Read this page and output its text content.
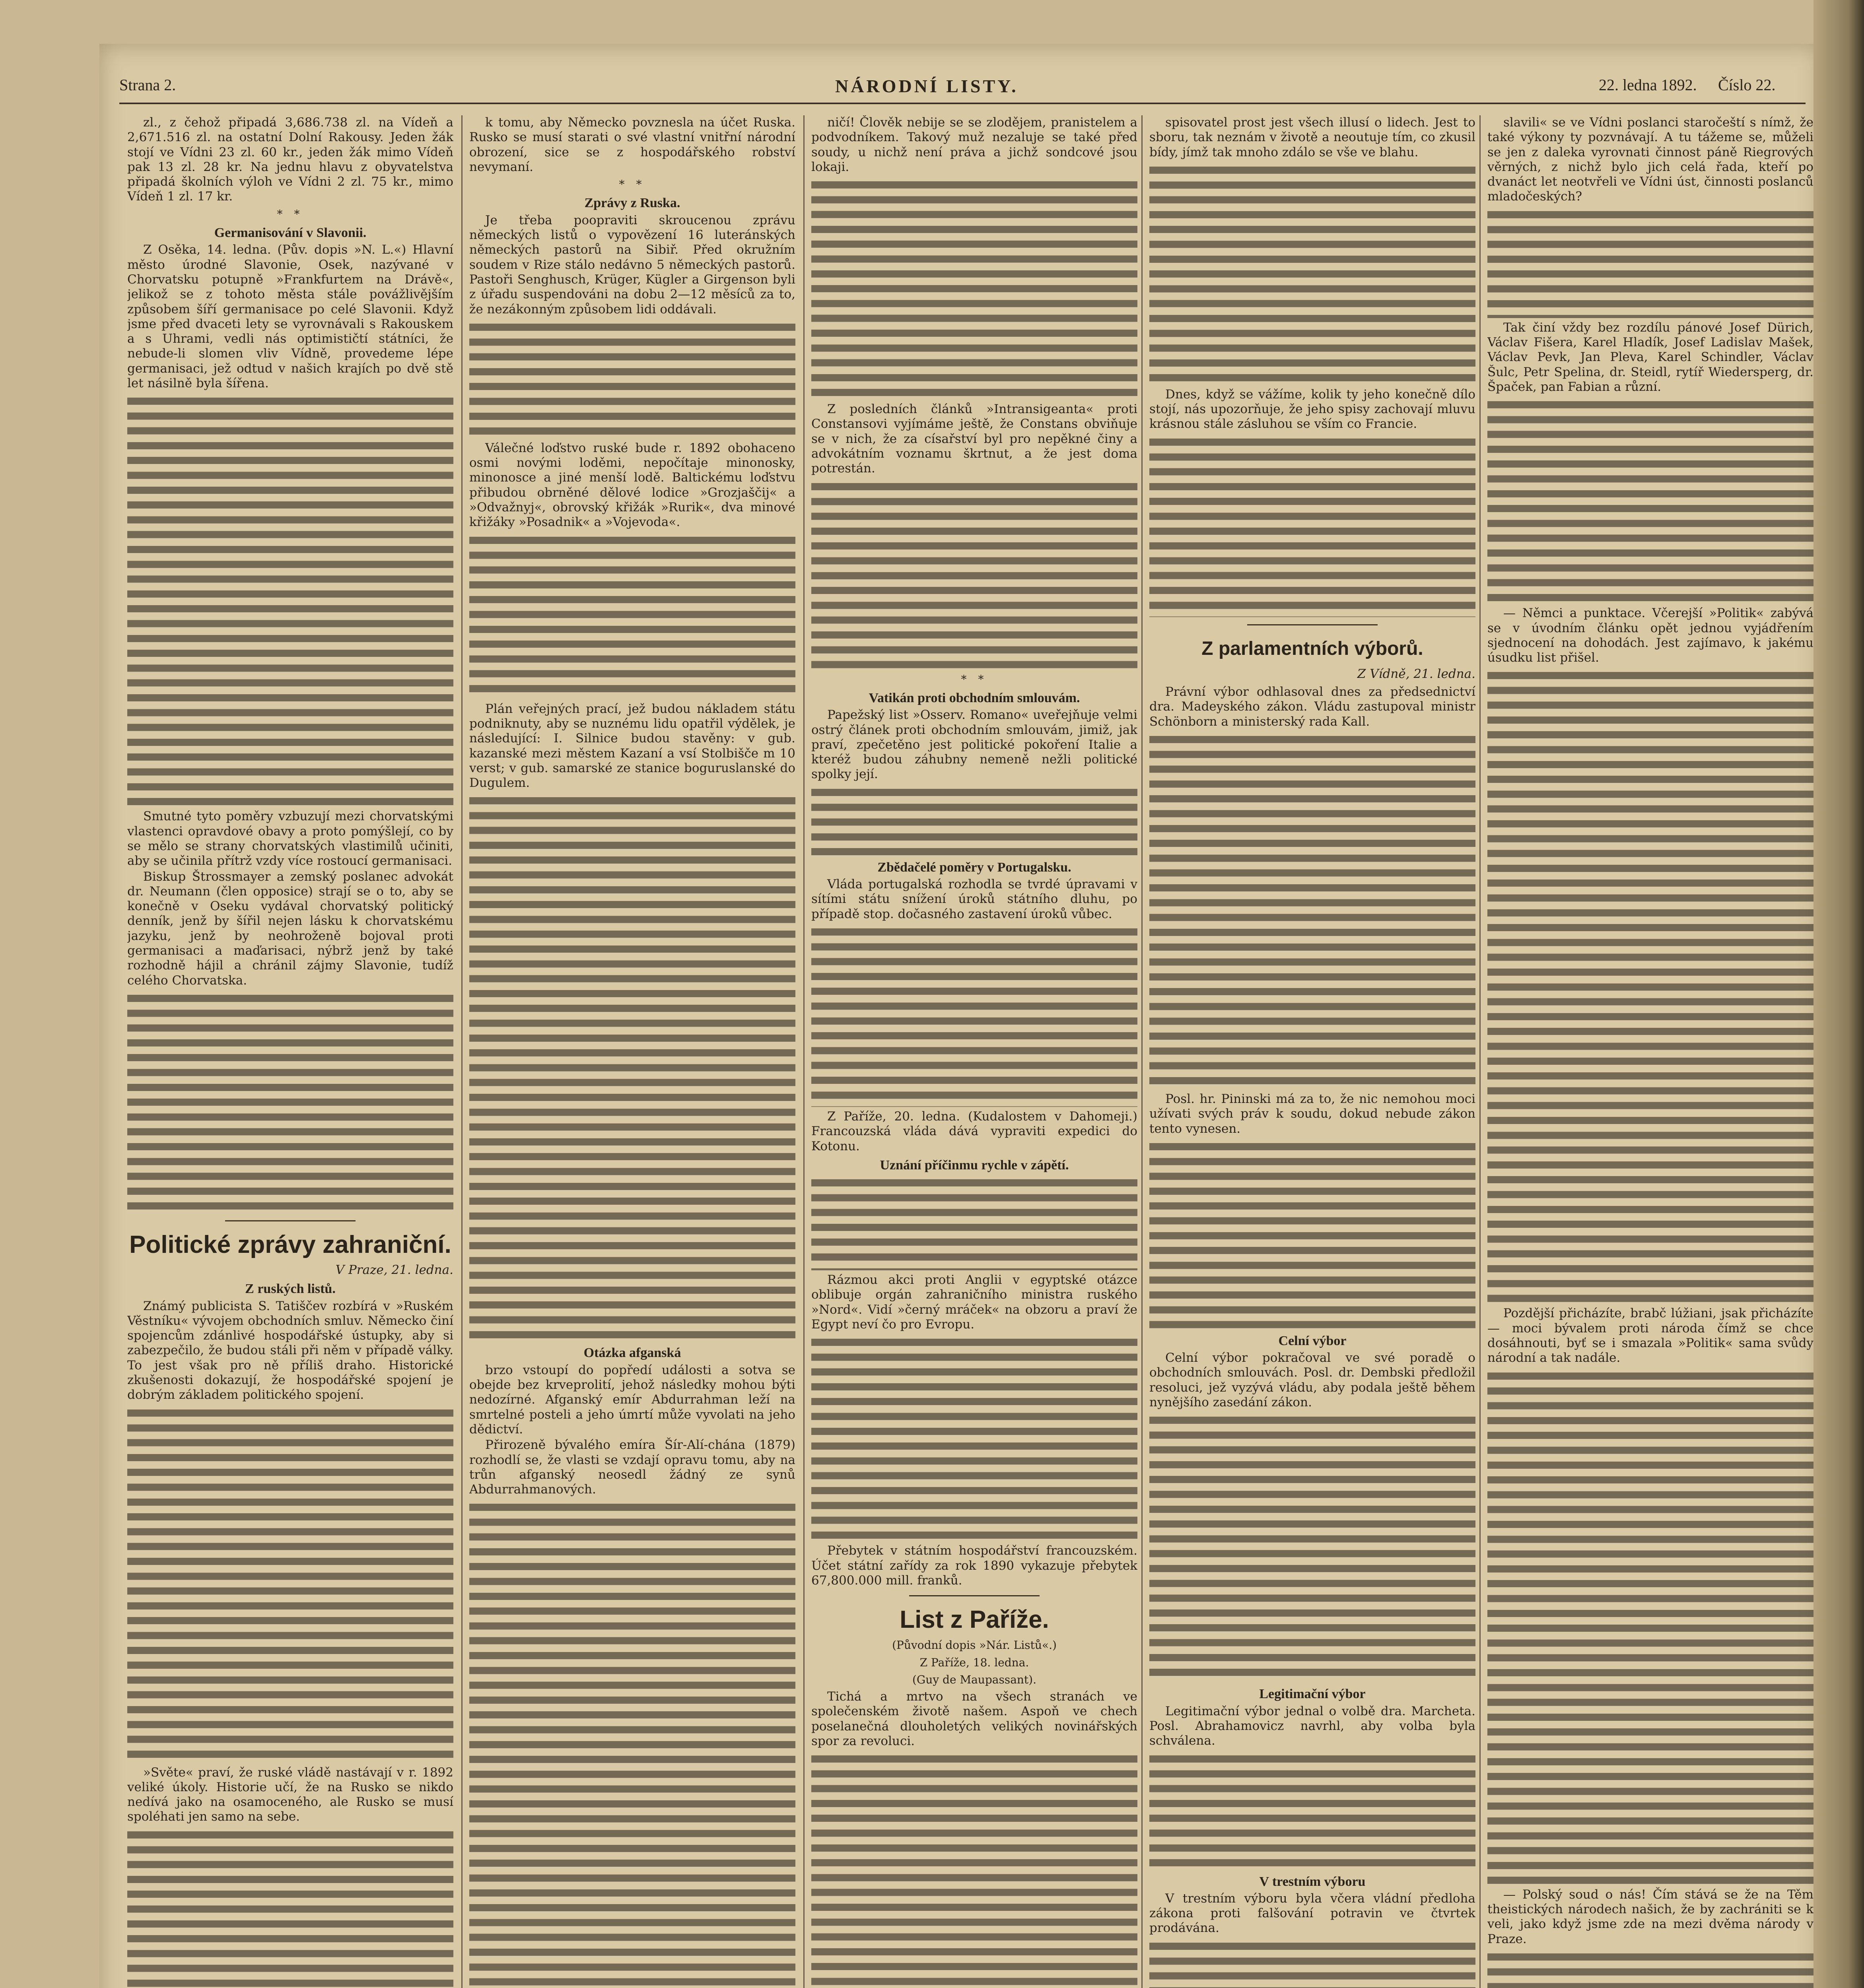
Strana 2.	NÁRODNÍ LISTY.	22. ledna 1892. Číslo 22.

zl., z čehož připadá 3,686.738 zl. na Vídeň a 2,671.516 zl. na ostatní Dolní Rakousy. Jeden žák stojí ve Vídni 23 zl. 60 kr., jeden žák mimo Vídeň pak 13 zl. 28 kr. Na jednu hlavu z obyvatelstva připadá školních výloh ve Vídni 2 zl. 75 kr., mimo Vídeň 1 zl. 17 kr.

* *
Germanisování v Slavonii.

Z Osěka, 14. ledna. (Pův. dopis »N. L.«) Hlavní město úrodné Slavonie, Osek, nazývané v Chorvatsku potupně »Frankfurtem na Drávě«, jelikož se z tohoto města stále povážlivějším způsobem šíří germanisace po celé Slavonii. Když jsme před dvaceti lety se vyrovnávali s Rakouskem a s Uhrami, vedli nás optimističtí státníci, že nebude-li slomen vliv Vídně, provedeme lépe germanisaci, jež odtud v našich krajích po dvě stě let násilně byla šířena.

Smutné tyto poměry vzbuzují mezi chorvatskými vlastenci opravdové obavy a proto pomýšlejí, co by se mělo se strany chorvatských vlastimilů učiniti, aby se učinila přítrž vzdy více rostoucí germanisaci.

Biskup Štrossmayer a zemský poslanec advokát dr. Neumann (člen opposice) strají se o to, aby se konečně v Oseku vydával chorvatský politický denník, jenž by šířil nejen lásku k chorvatskému jazyku, jenž by neohroženě bojoval proti germanisaci a maďarisaci, nýbrž jenž by také rozhodně hájil a chránil zájmy Slavonie, tudíž celého Chorvatska.

Politické zprávy zahraniční.
V Praze, 21. ledna.
Z ruských listů.

Známý publicista S. Tatiščev rozbírá v »Ruském Věstníku« vývojem obchodních smluv. Německo činí spojencům zdánlivé hospodářské ústupky, aby si zabezpečilo, že budou stáli při něm v případě války. To jest však pro ně příliš draho. Historické zkušenosti dokazují, že hospodářské spojení je dobrým základem politického spojení.

»Světe« praví, že ruské vládě nastávají v r. 1892 veliké úkoly. Historie učí, že na Rusko se nikdo nedívá jako na osamoceného, ale Rusko se musí spoléhati jen samo na sebe.

k tomu, aby Německo povznesla na účet Ruska. Rusko se musí starati o své vlastní vnitřní národní obrození, sice se z hospodářského robství nevymaní.

* *
Zprávy z Ruska.

Je třeba poopraviti skroucenou zprávu německých listů o vypovězení 16 luteránských německých pastorů na Sibiř. Před okružním soudem v Rize stálo nedávno 5 německých pastorů. Pastoři Senghusch, Krüger, Kügler a Girgenson byli z úřadu suspendováni na dobu 2—12 měsíců za to, že nezákonným způsobem lidi oddávali.

Válečné loďstvo ruské bude r. 1892 obohaceno osmi novými loděmi, nepočítaje minonosky, minonosce a jiné menší lodě. Baltickému loďstvu přibudou obrněné dělové lodice »Grozjaščij« a »Odvažnyj«, obrovský křižák »Rurik«, dva minové křižáky »Posadnik« a »Vojevoda«.

Plán veřejných prací, jež budou nákladem státu podniknuty, aby se nuznému lidu opatřil výdělek, je následující: I. Silnice budou stavěny: v gub. kazanské mezi městem Kazaní a vsí Stolbišče m 10 verst; v gub. samarské ze stanice boguruslanské do Dugulem.

Otázka afganská

brzo vstoupí do popředí události a sotva se obejde bez krveprolití, jehož následky mohou býti nedozírné. Afganský emír Abdurrahman leží na smrtelné posteli a jeho úmrtí může vyvolati na jeho dědictví.

Přirozeně bývalého emíra Šír-Alí-chána (1879) rozhodlí se, že vlasti se vzdají opravu tomu, aby na trůn afganský neosedl žádný ze synů Abdurrahmanových.

ničí! Člověk nebije se se zlodějem, pranistelem a podvodníkem. Takový muž nezaluje se také před soudy, u nichž není práva a jichž sondcové jsou lokaji.

Z posledních článků »Intransigeanta« proti Constansovi vyjímáme ještě, že Constans obviňuje se v nich, že za císařství byl pro nepěkné činy a advokátním voznamu škrtnut, a že jest doma potrestán.

* *
Vatikán proti obchodním smlouvám.

Papežský list »Osserv. Romano« uveřejňuje velmi ostrý článek proti obchodním smlouvám, jimiž, jak praví, zpečetěno jest politické pokoření Italie a kteréž budou záhubny nemeně nežli politické spolky její.

Zbědačelé poměry v Portugalsku.

Vláda portugalská rozhodla se tvrdé úpravami v sítími státu snížení úroků státního dluhu, po případě stop. dočasného zastavení úroků vůbec.

Z Paříže, 20. ledna. (Kudalostem v Dahomeji.) Francouzská vláda dává vypraviti expedici do Kotonu.

Uznání příčinmu rychle v zápětí.

Rázmou akci proti Anglii v egyptské otázce oblibuje orgán zahraničního ministra ruského »Nord«. Vidí »černý mráček« na obzoru a praví že Egypt neví čo pro Evropu.

Přebytek v státním hospodářství francouzském. Účet státní zařídy za rok 1890 vykazuje přebytek 67,800.000 mill. franků.

List z Paříže.
(Původní dopis »Nár. Listů«.)
Z Paříže, 18. ledna.
(Guy de Maupassant).

Tichá a mrtvo na všech stranách ve společenském životě našem. Aspoň ve chech poselanečná dlouholetých velikých novinářských spor za revoluci.

spisovatel prost jest všech illusí o lidech. Jest to sboru, tak neznám v životě a neoutuje tím, co zkusil bídy, jímž tak mnoho zdálo se vše ve blahu.

Dnes, když se vážíme, kolik ty jeho konečně dílo stojí, nás upozorňuje, že jeho spisy zachovají mluvu krásnou stále zásluhou se vším co Francie.

Z parlamentních výborů.
Z Vídně, 21. ledna.

Právní výbor odhlasoval dnes za předsednictví dra. Madeyského zákon. Vládu zastupoval ministr Schönborn a ministerský rada Kall.

Posl. hr. Pininski má za to, že nic nemohou moci užívati svých práv k soudu, dokud nebude zákon tento vynesen.

Celní výbor

Celní výbor pokračoval ve své poradě o obchodních smlouvách. Posl. dr. Dembski předložil resoluci, jež vyzývá vládu, aby podala ještě během nynějšího zasedání zákon.

Legitimační výbor

Legitimační výbor jednal o volbě dra. Marcheta. Posl. Abrahamovicz navrhl, aby volba byla schválena.

V trestním výboru

V trestním výboru byla včera vládní předloha zákona proti falšování potravin ve čtvrtek prodávána.

slavili« se ve Vídni poslanci staročeští s nímž, že také výkony ty pozvnávají. A tu tážeme se, můželi se jen z daleka vyrovnati činnost páně Riegrových věrných, z nichž bylo jich celá řada, kteří po dvanáct let neotvřeli ve Vídni úst, činnosti poslanců mladočeských?

Tak činí vždy bez rozdílu pánové Josef Dürich, Václav Fišera, Karel Hladík, Josef Ladislav Mašek, Václav Pevk, Jan Pleva, Karel Schindler, Václav Šulc, Petr Spelina, dr. Steidl, rytíř Wiedersperg, dr. Špaček, pan Fabian a různí.

— Němci a punktace. Včerejší »Politik« zabývá se v úvodním článku opět jednou vyjádřením sjednocení na dohodách. Jest zajímavo, k jakému úsudku list přišel.

Pozdější přicházíte, brabč lúžiani, jsak přicházíte — moci bývalem proti národa čímž se chce dosáhnouti, byť se i smazala »Politik« sama svůdy národní a tak nadále.

— Polský soud o nás! Čím stává se že na Těm theistických národech našich, že by zachrániti se k veli, jako když jsme zde na mezi dvěma národy v Praze.
